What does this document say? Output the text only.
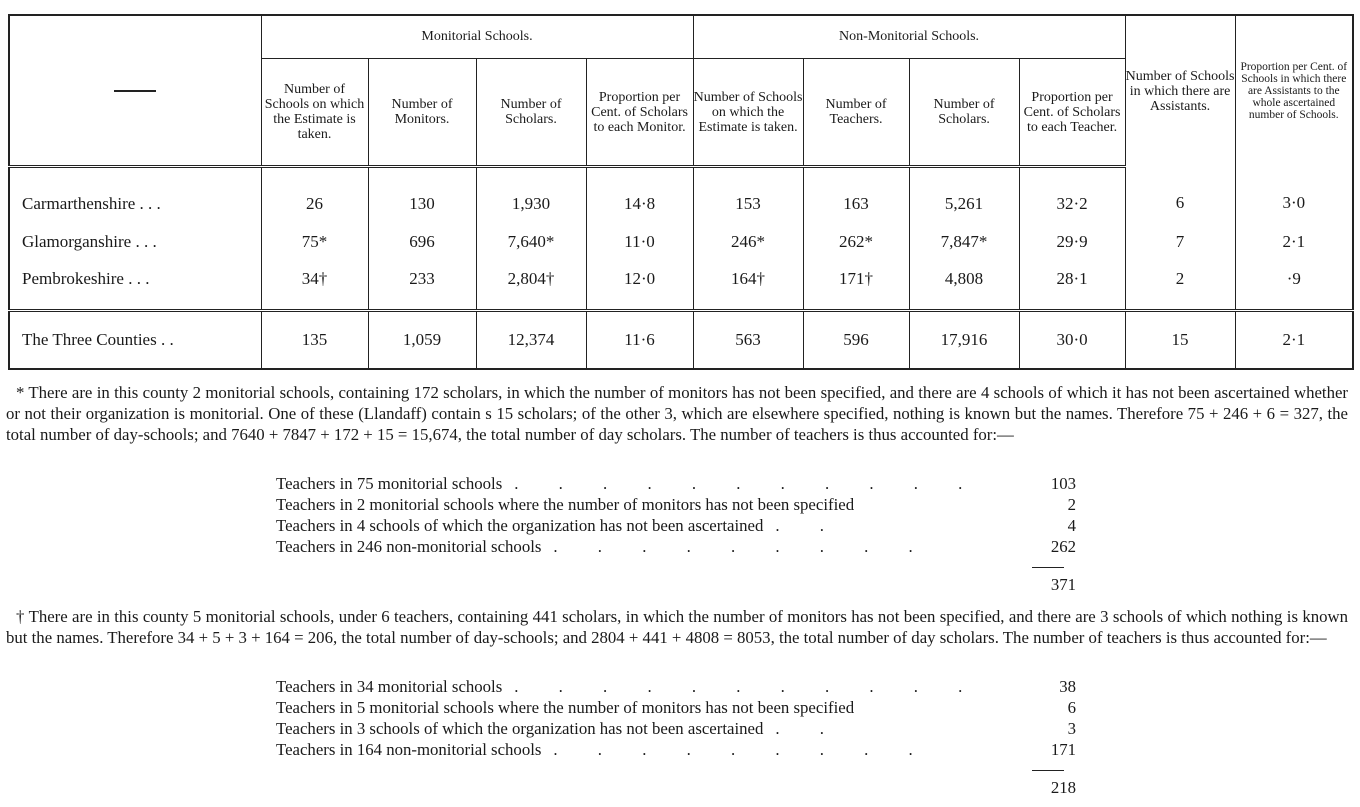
	Monitorial Schools.				Non-Monitorial Schools.				Number of Schools in which there are Assistants.	Proportion per Cent. of Schools in which there are Assistants to the whole ascertained number of Schools.
	Number of Schools on which the Estimate is taken.	Number of Monitors.	Number of Scholars.	Proportion per Cent. of Scholars to each Monitor.	Number of Schools on which the Estimate is taken.	Number of Teachers.	Number of Scholars.	Proportion per Cent. of Scholars to each Teacher.		
Carmarthenshire . . .	26	130	1,930	14·8	153	163	5,261	32·2	6	3·0
Glamorganshire . . .	75*	696	7,640*	11·0	246*	262*	7,847*	29·9	7	2·1
Pembrokeshire . . .	34†	233	2,804†	12·0	164†	171†	4,808	28·1	2	·9
The Three Counties . .	135	1,059	12,374	11·6	563	596	17,916	30·0	15	2·1

* There are in this county 2 monitorial schools, containing 172 scholars, in which the number of monitors has not been specified, and there are 4 schools of which it has not been ascertained whether or not their organization is monitorial. One of these (Llandaff) contain s 15 scholars; of the other 3, which are elsewhere specified, nothing is known but the names. Therefore 75 + 246 + 6 = 327, the total number of day-schools; and 7640 + 7847 + 172 + 15 = 15,674, the total number of day scholars. The number of teachers is thus accounted for:—

Teachers in 75 monitorial schools . . . . . . . . . . .	103
Teachers in 2 monitorial schools where the number of monitors has not been specified	2
Teachers in 4 schools of which the organization has not been ascertained . .	4
Teachers in 246 non-monitorial schools . . . . . . . . .	262
371

† There are in this county 5 monitorial schools, under 6 teachers, containing 441 scholars, in which the number of monitors has not been specified, and there are 3 schools of which nothing is known but the names. Therefore 34 + 5 + 3 + 164 = 206, the total number of day-schools; and 2804 + 441 + 4808 = 8053, the total number of day scholars. The number of teachers is thus accounted for:—

Teachers in 34 monitorial schools . . . . . . . . . . .	38
Teachers in 5 monitorial schools where the number of monitors has not been specified	6
Teachers in 3 schools of which the organization has not been ascertained . .	3
Teachers in 164 non-monitorial schools . . . . . . . . .	171
218
